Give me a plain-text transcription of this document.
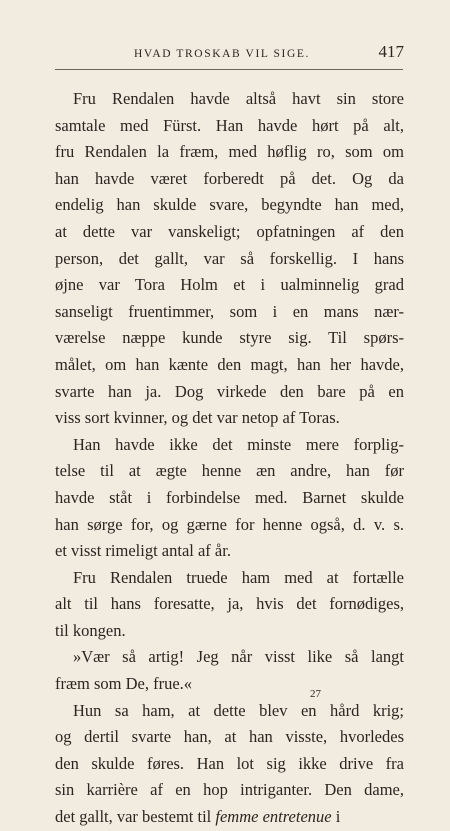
HVAD TROSKAB VIL SIGE.	417
Fru Rendalen havde altså havt sin store
samtale med Fürst. Han havde hørt på alt,
fru Rendalen la fræm, med høflig ro, som om
han havde været forberedt på det. Og da
endelig han skulde svare, begyndte han med,
at dette var vanskeligt; opfatningen af den
person, det gallt, var så forskellig. I hans
øjne var Tora Holm et i ualminnelig grad
sanseligt fruentimmer, som i en mans nær-
værelse næppe kunde styre sig. Til spørs-
målet, om han kænte den magt, han her havde,
svarte han ja. Dog virkede den bare på en
viss sort kvinner, og det var netop af Toras.
Han havde ikke det minste mere forplig-
telse til at ægte henne æn andre, han før
havde ståt i forbindelse med. Barnet skulde
han sørge for, og gærne for henne også, d. v. s.
et visst rimeligt antal af år.
Fru Rendalen truede ham med at fortælle
alt til hans foresatte, ja, hvis det fornødiges,
til kongen.
»Vær så artig! Jeg når visst like så langt
fræm som De, frue.«
Hun sa ham, at dette blev en hård krig;
og dertil svarte han, at han visste, hvorledes
den skulde føres. Han lot sig ikke drive fra
sin karrière af en hop intriganter. Den dame,
det gallt, var bestemt til femme entretenue i
27
